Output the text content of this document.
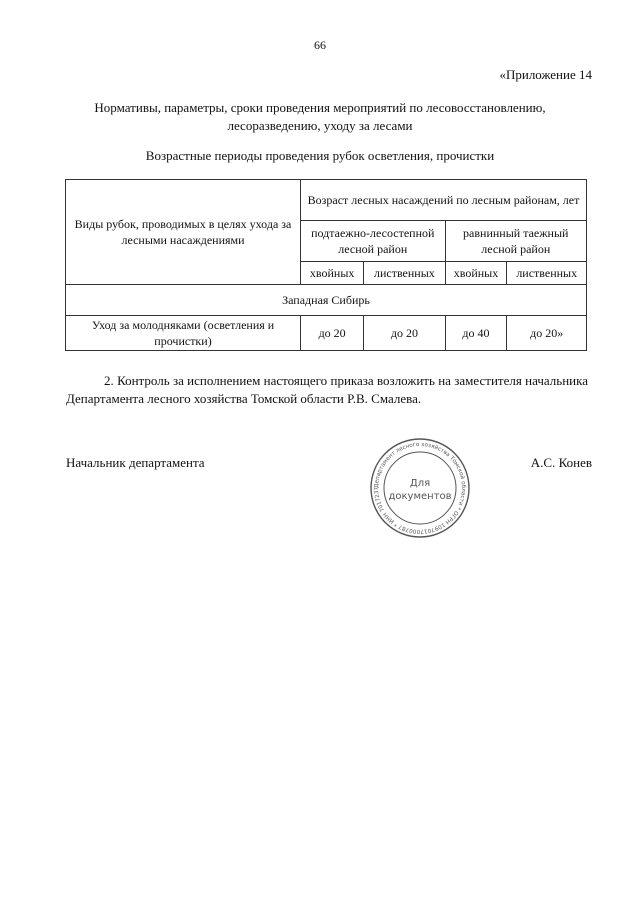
66
«Приложение 14
Нормативы, параметры, сроки проведения мероприятий по лесовосстановлению, лесоразведению, уходу за лесами
Возрастные периоды проведения рубок осветления, прочистки
Виды рубок, проводимых в целях ухода за лесными насаждениями	Возраст лесных насаждений по лесным районам, лет			
	подтаежно-лесостепной лесной район		равнинный таежный лесной район	
	хвойных	лиственных	хвойных	лиственных
Западная Сибирь				
Уход за молодняками (осветления и прочистки)	до 20	до 20	до 40	до 20»
2. Контроль за исполнением настоящего приказа возложить на заместителя начальника Департамента лесного хозяйства Томской области Р.В. Смалева.
Начальник департамента	А.С. Конев
Департамент лесного хозяйства Томской области * ОГРН 1097017000787 * ИНН 7017237	Для
документов
